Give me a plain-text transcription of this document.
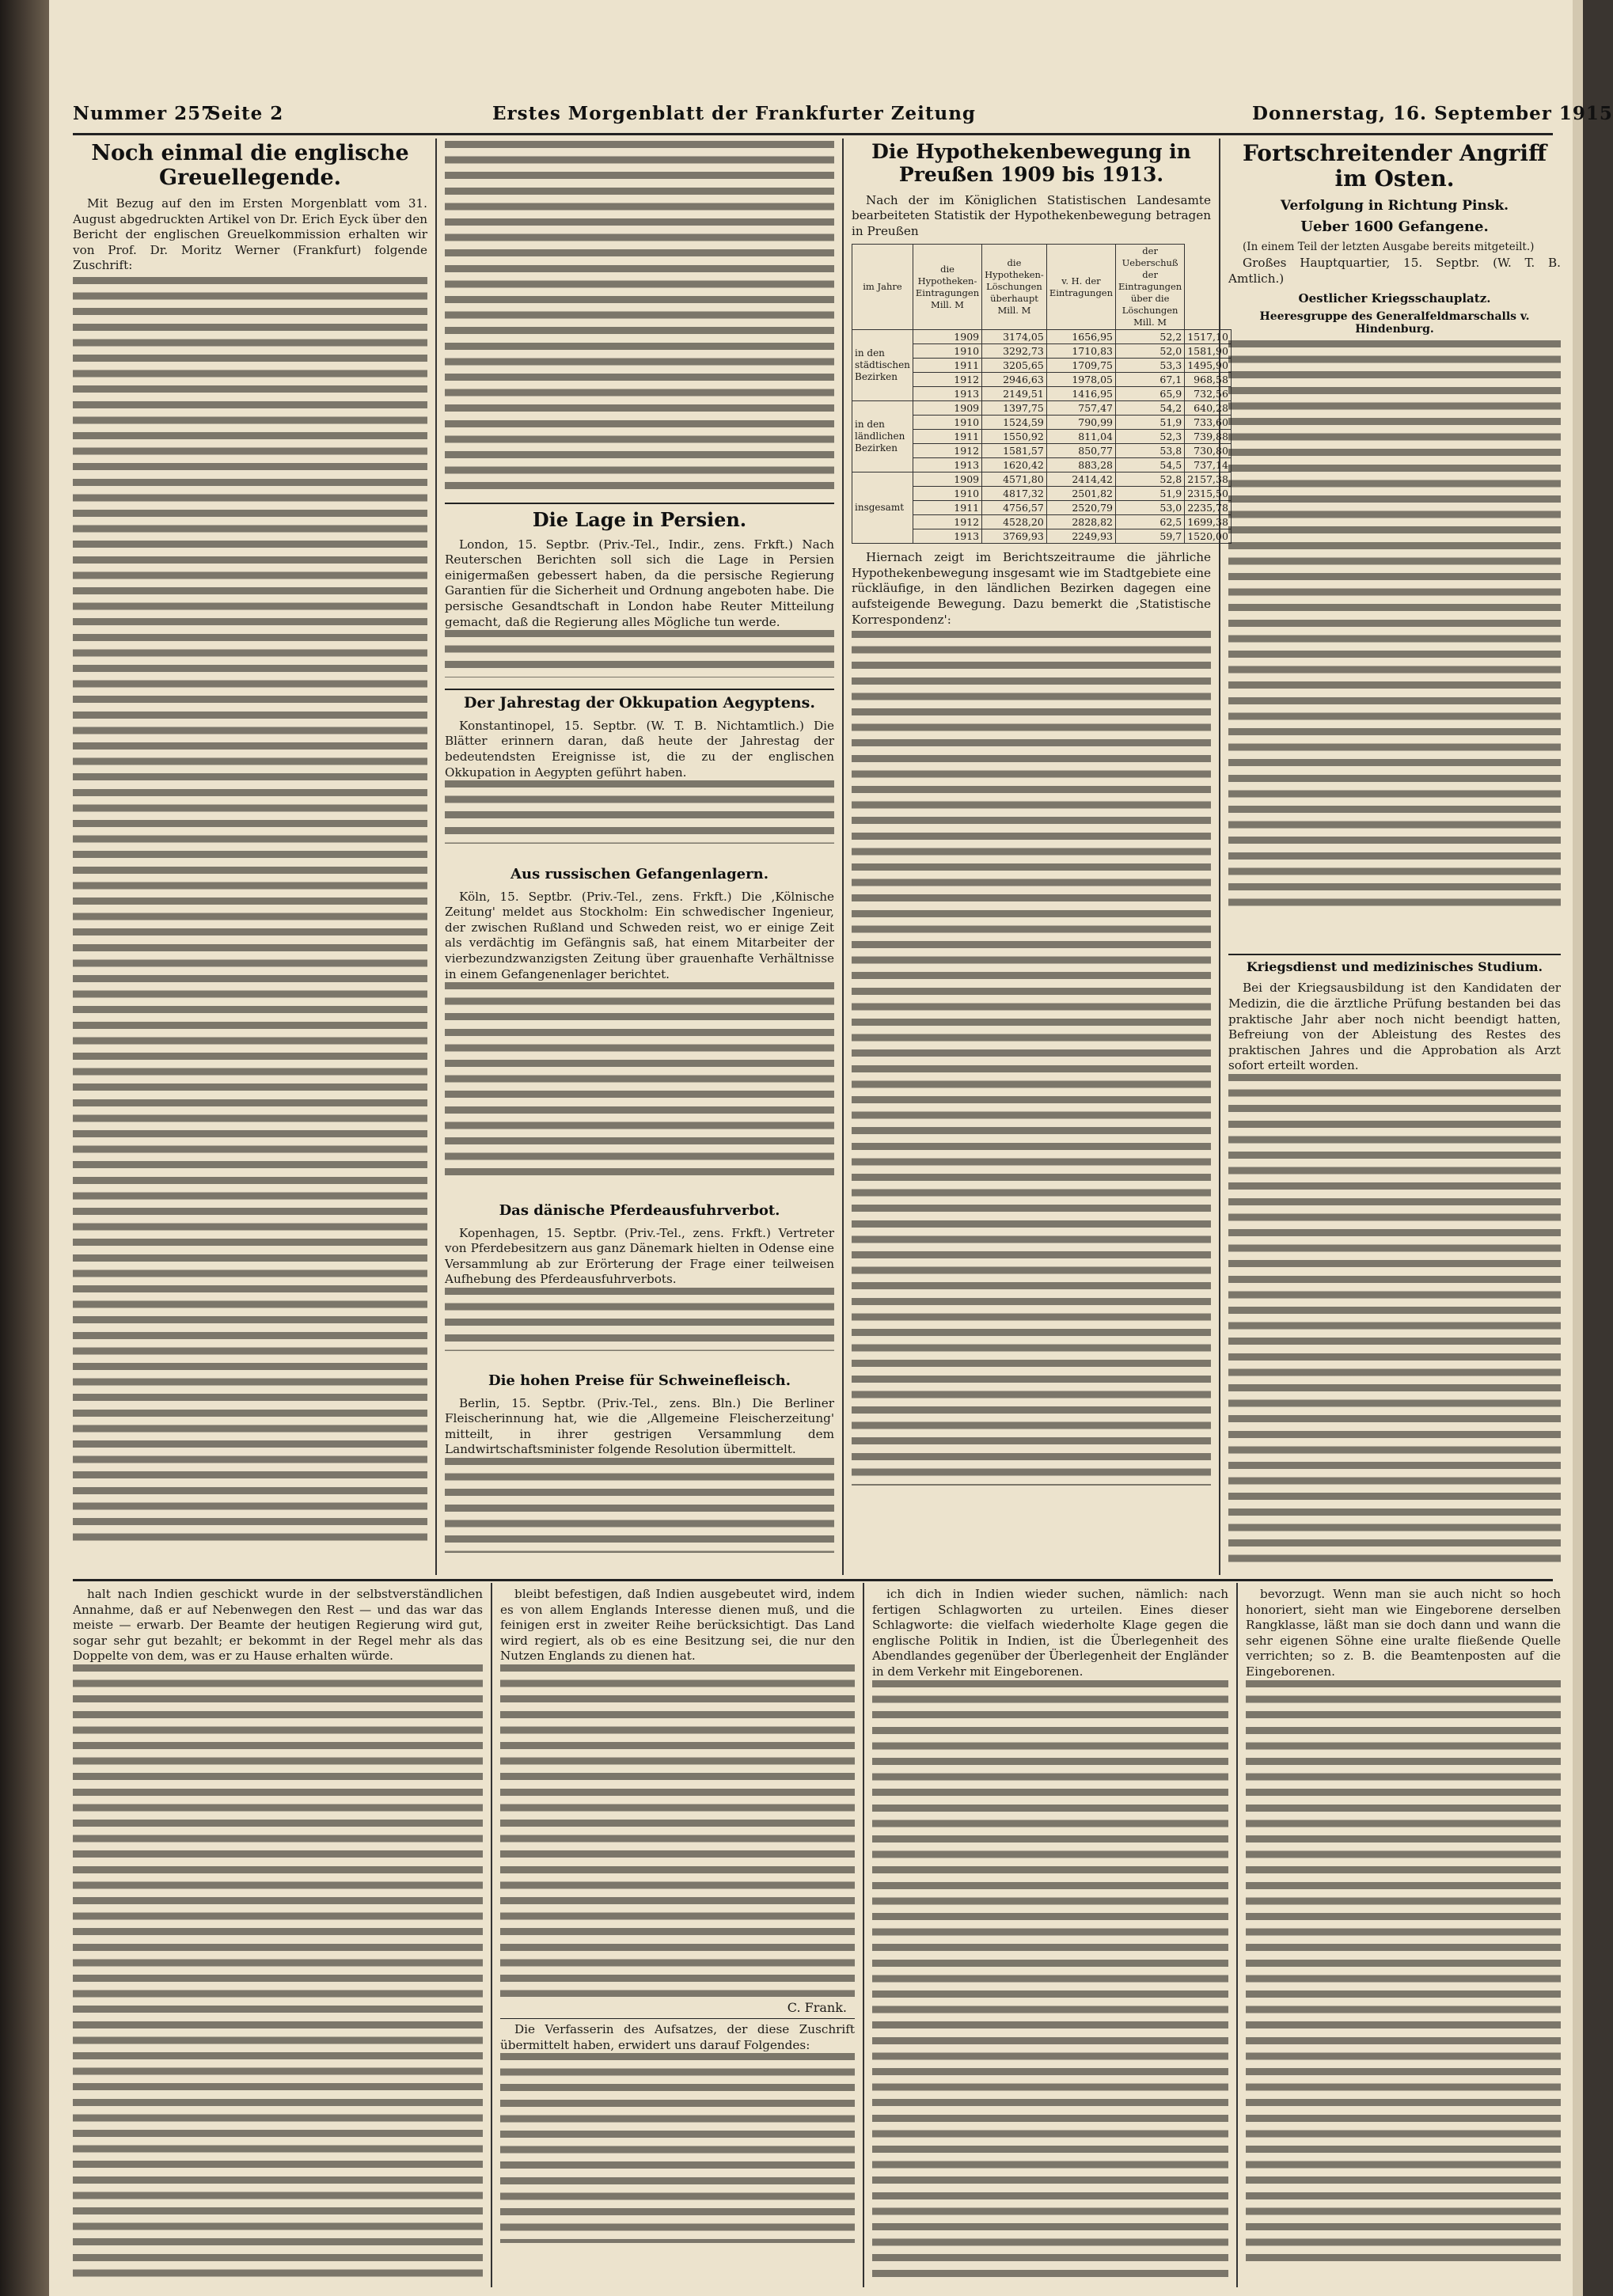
Nummer 257
Seite 2	Erstes Morgenblatt der Frankfurter Zeitung	Donnerstag, 16. September 1915
Noch einmal die englische Greuellegende.

Mit Bezug auf den im Ersten Morgenblatt vom 31. August abgedruckten Artikel von Dr. Erich Eyck über den Bericht der englischen Greuelkommission erhalten wir von Prof. Dr. Moritz Werner (Frankfurt) folgende Zuschrift:

Die Lage in Persien.

London, 15. Septbr. (Priv.-Tel., Indir., zens. Frkft.) Nach Reuterschen Berichten soll sich die Lage in Persien einigermaßen gebessert haben, da die persische Regierung Garantien für die Sicherheit und Ordnung angeboten habe. Die persische Gesandtschaft in London habe Reuter Mitteilung gemacht, daß die Regierung alles Mögliche tun werde.

Der Jahrestag der Okkupation Aegyptens.

Konstantinopel, 15. Septbr. (W. T. B. Nichtamtlich.) Die Blätter erinnern daran, daß heute der Jahrestag der bedeutendsten Ereignisse ist, die zu der englischen Okkupation in Aegypten geführt haben.

Aus russischen Gefangenlagern.

Köln, 15. Septbr. (Priv.-Tel., zens. Frkft.) Die ,Kölnische Zeitung' meldet aus Stockholm: Ein schwedischer Ingenieur, der zwischen Rußland und Schweden reist, wo er einige Zeit als verdächtig im Gefängnis saß, hat einem Mitarbeiter der vierbezundzwanzigsten Zeitung über grauenhafte Verhältnisse in einem Gefangenenlager berichtet.

Das dänische Pferdeausfuhrverbot.

Kopenhagen, 15. Septbr. (Priv.-Tel., zens. Frkft.) Vertreter von Pferdebesitzern aus ganz Dänemark hielten in Odense eine Versammlung ab zur Erörterung der Frage einer teilweisen Aufhebung des Pferdeausfuhrverbots.

Die hohen Preise für Schweinefleisch.

Berlin, 15. Septbr. (Priv.-Tel., zens. Bln.) Die Berliner Fleischerinnung hat, wie die ,Allgemeine Fleischerzeitung' mitteilt, in ihrer gestrigen Versammlung dem Landwirtschaftsminister folgende Resolution übermittelt.

Die Hypothekenbewegung in Preußen 1909 bis 1913.

Nach der im Königlichen Statistischen Landesamte bearbeiteten Statistik der Hypothekenbewegung betragen in Preußen

im Jahre	die Hypotheken-Eintragungen Mill. M	die Hypotheken-Löschungen überhaupt Mill. M	v. H. der Eintragungen	der Ueberschuß der Eintragungen über die Löschungen Mill. M	
in den städtischen Bezirken	1909	3174,05	1656,95	52,2	1517,10
	1910	3292,73	1710,83	52,0	1581,90
	1911	3205,65	1709,75	53,3	1495,90
	1912	2946,63	1978,05	67,1	968,58
	1913	2149,51	1416,95	65,9	732,56
in den ländlichen Bezirken	1909	1397,75	757,47	54,2	640,28
	1910	1524,59	790,99	51,9	733,60
	1911	1550,92	811,04	52,3	739,88
	1912	1581,57	850,77	53,8	730,80
	1913	1620,42	883,28	54,5	737,14
insgesamt	1909	4571,80	2414,42	52,8	2157,38
	1910	4817,32	2501,82	51,9	2315,50
	1911	4756,57	2520,79	53,0	2235,78
	1912	4528,20	2828,82	62,5	1699,38
	1913	3769,93	2249,93	59,7	1520,00

Hiernach zeigt im Berichtszeitraume die jährliche Hypothekenbewegung insgesamt wie im Stadtgebiete eine rückläufige, in den ländlichen Bezirken dagegen eine aufsteigende Bewegung. Dazu bemerkt die ,Statistische Korrespondenz':

Fortschreitender Angriff im Osten.
Verfolgung in Richtung Pinsk.
Ueber 1600 Gefangene.

(In einem Teil der letzten Ausgabe bereits mitgeteilt.)

Großes Hauptquartier, 15. Septbr. (W. T. B. Amtlich.)

Oestlicher Kriegsschauplatz.
Heeresgruppe des Generalfeldmarschalls v. Hindenburg.
Kriegsdienst und medizinisches Studium.

Bei der Kriegsausbildung ist den Kandidaten der Medizin, die die ärztliche Prüfung bestanden bei das praktische Jahr aber noch nicht beendigt hatten, Befreiung von der Ableistung des Restes des praktischen Jahres und die Approbation als Arzt sofort erteilt worden.

halt nach Indien geschickt wurde in der selbstverständlichen Annahme, daß er auf Nebenwegen den Rest — und das war das meiste — erwarb. Der Beamte der heutigen Regierung wird gut, sogar sehr gut bezahlt; er bekommt in der Regel mehr als das Doppelte von dem, was er zu Hause erhalten würde.

bleibt befestigen, daß Indien ausgebeutet wird, indem es von allem Englands Interesse dienen muß, und die feinigen erst in zweiter Reihe berücksichtigt. Das Land wird regiert, als ob es eine Besitzung sei, die nur den Nutzen Englands zu dienen hat.

C. Frank.

Die Verfasserin des Aufsatzes, der diese Zuschrift übermittelt haben, erwidert uns darauf Folgendes:

ich dich in Indien wieder suchen, nämlich: nach fertigen Schlagworten zu urteilen. Eines dieser Schlagworte: die vielfach wiederholte Klage gegen die englische Politik in Indien, ist die Überlegenheit des Abendlandes gegenüber der Überlegenheit der Engländer in dem Verkehr mit Eingeborenen.

bevorzugt. Wenn man sie auch nicht so hoch honoriert, sieht man wie Eingeborene derselben Rangklasse, läßt man sie doch dann und wann die sehr eigenen Söhne eine uralte fließende Quelle verrichten; so z. B. die Beamtenposten auf die Eingeborenen.
